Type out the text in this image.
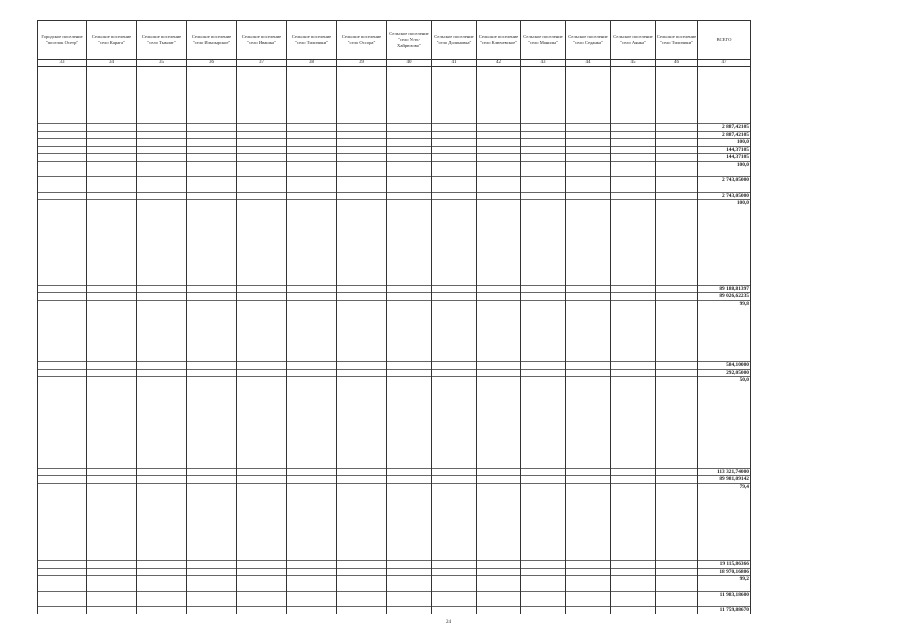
Городское поселение "поселок Осетр"	Сельское поселение "село Карага"	Сельское поселение "село Тымлат"	Сельское поселение "село Ильпырское"	Сельское поселение "село Ивашка"	Сельское поселение "село Тиличики"	Сельское поселение "село Оссора"	Сельское поселение "село Усть-Хайрюзово"	Сельское поселение "село Долиновка"	Сельское поселение "село Ключевское"	Сельское поселение "село Манилы"	Сельское поселение "село Седанка"	Сельское поселение "село Аянка"	Сельское поселение "село Тиличики"	ВСЕГО
33	34	35	36	37	38	39	40	41	42	43	44	45	46	47

														2 887,42105
														2 887,42105
														100,0
														144,37105
														144,37105
														100,0

														2 743,05000

														2 743,05000
														100,0

														89 188,81397
														89 026,62235
														99,8

														584,10000
														292,05000
														50,0

														113 321,74000
														89 981,09142
														79,4

														19 115,86366
														18 970,16806
														99,2

														11 983,18600

														11 759,88670
24
